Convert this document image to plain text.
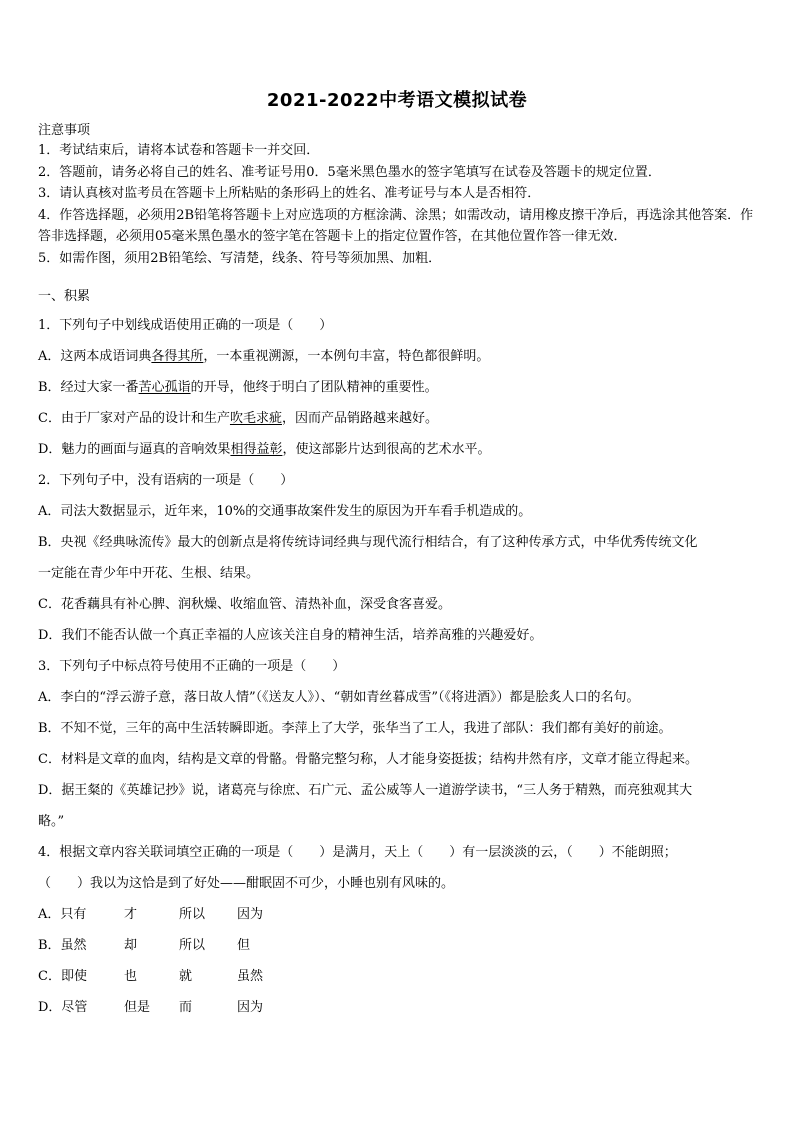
2021-2022中考语文模拟试卷
注意事项

1．考试结束后，请将本试卷和答题卡一并交回．

2．答题前，请务必将自己的姓名、准考证号用0．5毫米黑色墨水的签字笔填写在试卷及答题卡的规定位置．

3．请认真核对监考员在答题卡上所粘贴的条形码上的姓名、准考证号与本人是否相符．

4．作答选择题，必须用2B铅笔将答题卡上对应选项的方框涂满、涂黑；如需改动，请用橡皮擦干净后，再选涂其他答案．作答非选择题，必须用05毫米黑色墨水的签字笔在答题卡上的指定位置作答，在其他位置作答一律无效．

5．如需作图，须用2B铅笔绘、写清楚，线条、符号等须加黑、加粗．

一、积累

1．下列句子中划线成语使用正确的一项是（　　）

A．这两本成语词典各得其所，一本重视溯源，一本例句丰富，特色都很鲜明。

B．经过大家一番苦心孤诣的开导，他终于明白了团队精神的重要性。

C．由于厂家对产品的设计和生产吹毛求疵，因而产品销路越来越好。

D．魅力的画面与逼真的音响效果相得益彰，使这部影片达到很高的艺术水平。

2．下列句子中，没有语病的一项是（　　）

A．司法大数据显示，近年来，10%的交通事故案件发生的原因为开车看手机造成的。

B．央视《经典咏流传》最大的创新点是将传统诗词经典与现代流行相结合，有了这种传承方式，中华优秀传统文化

一定能在青少年中开花、生根、结果。

C．花香藕具有补心脾、润秋燥、收缩血管、清热补血，深受食客喜爱。

D．我们不能否认做一个真正幸福的人应该关注自身的精神生活，培养高雅的兴趣爱好。

3．下列句子中标点符号使用不正确的一项是（　　）

A．李白的“浮云游子意，落日故人情”（《送友人》）、“朝如青丝暮成雪”（《将进酒》）都是脍炙人口的名句。

B．不知不觉，三年的高中生活转瞬即逝。李萍上了大学，张华当了工人，我进了部队：我们都有美好的前途。

C．材料是文章的血肉，结构是文章的骨骼。骨骼完整匀称，人才能身姿挺拔；结构井然有序，文章才能立得起来。

D．据王粲的《英雄记抄》说，诸葛亮与徐庶、石广元、孟公威等人一道游学读书，“三人务于精熟，而亮独观其大

略。”

4．根据文章内容关联词填空正确的一项是（　　）是满月，天上（　　）有一层淡淡的云，（　　）不能朗照；

（　　）我以为这恰是到了好处——酣眠固不可少，小睡也别有风味的。

A．只有	才	所以	因为

B．虽然	却	所以	但

C．即使	也	就	虽然

D．尽管	但是	而	因为
